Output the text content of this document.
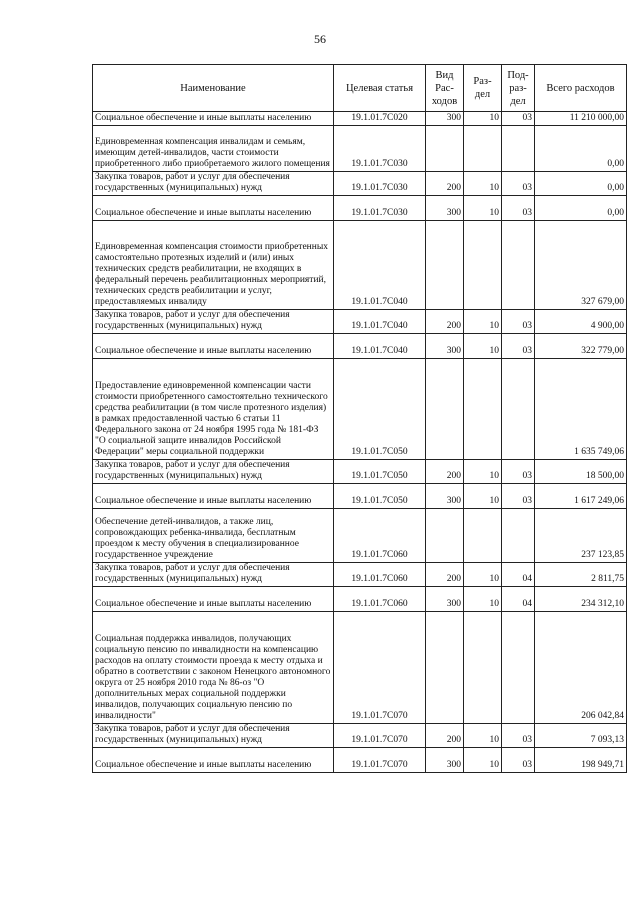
56
Наименование	Целевая статья	Вид Рас-ходов	Раз-дел	Под-раз-дел	Всего расходов
Социальное обеспечение и иные выплаты населению	19.1.01.7С020	300	10	03	11 210 000,00
Единовременная компенсация инвалидам и семьям, имеющим детей-инвалидов, части стоимости приобретенного либо приобретаемого жилого помещения	19.1.01.7С030				0,00
Закупка товаров, работ и услуг для обеспечения государственных (муниципальных) нужд	19.1.01.7С030	200	10	03	0,00
Социальное обеспечение и иные выплаты населению	19.1.01.7С030	300	10	03	0,00
Единовременная компенсация стоимости приобретенных самостоятельно протезных изделий и (или) иных технических средств реабилитации, не входящих в федеральный перечень реабилитационных мероприятий, технических средств реабилитации и услуг, предоставляемых инвалиду	19.1.01.7С040				327 679,00
Закупка товаров, работ и услуг для обеспечения государственных (муниципальных) нужд	19.1.01.7С040	200	10	03	4 900,00
Социальное обеспечение и иные выплаты населению	19.1.01.7С040	300	10	03	322 779,00
Предоставление единовременной компенсации части стоимости приобретенного самостоятельно технического средства реабилитации (в том числе протезного изделия) в рамках предоставленной частью 6 статьи 11 Федерального закона от 24 ноября 1995 года № 181-ФЗ "О социальной защите инвалидов Российской Федерации" меры социальной поддержки	19.1.01.7С050				1 635 749,06
Закупка товаров, работ и услуг для обеспечения государственных (муниципальных) нужд	19.1.01.7С050	200	10	03	18 500,00
Социальное обеспечение и иные выплаты населению	19.1.01.7С050	300	10	03	1 617 249,06
Обеспечение детей-инвалидов, а также лиц, сопровождающих ребенка-инвалида, бесплатным проездом к месту обучения в специализированное государственное учреждение	19.1.01.7С060				237 123,85
Закупка товаров, работ и услуг для обеспечения государственных (муниципальных) нужд	19.1.01.7С060	200	10	04	2 811,75
Социальное обеспечение и иные выплаты населению	19.1.01.7С060	300	10	04	234 312,10
Социальная поддержка инвалидов, получающих социальную пенсию по инвалидности на компенсацию расходов на оплату стоимости проезда к месту отдыха и обратно в соответствии с законом Ненецкого автономного округа от 25 ноября 2010 года № 86-оз "О дополнительных мерах социальной поддержки инвалидов, получающих социальную пенсию по инвалидности"	19.1.01.7С070				206 042,84
Закупка товаров, работ и услуг для обеспечения государственных (муниципальных) нужд	19.1.01.7С070	200	10	03	7 093,13
Социальное обеспечение и иные выплаты населению	19.1.01.7С070	300	10	03	198 949,71
